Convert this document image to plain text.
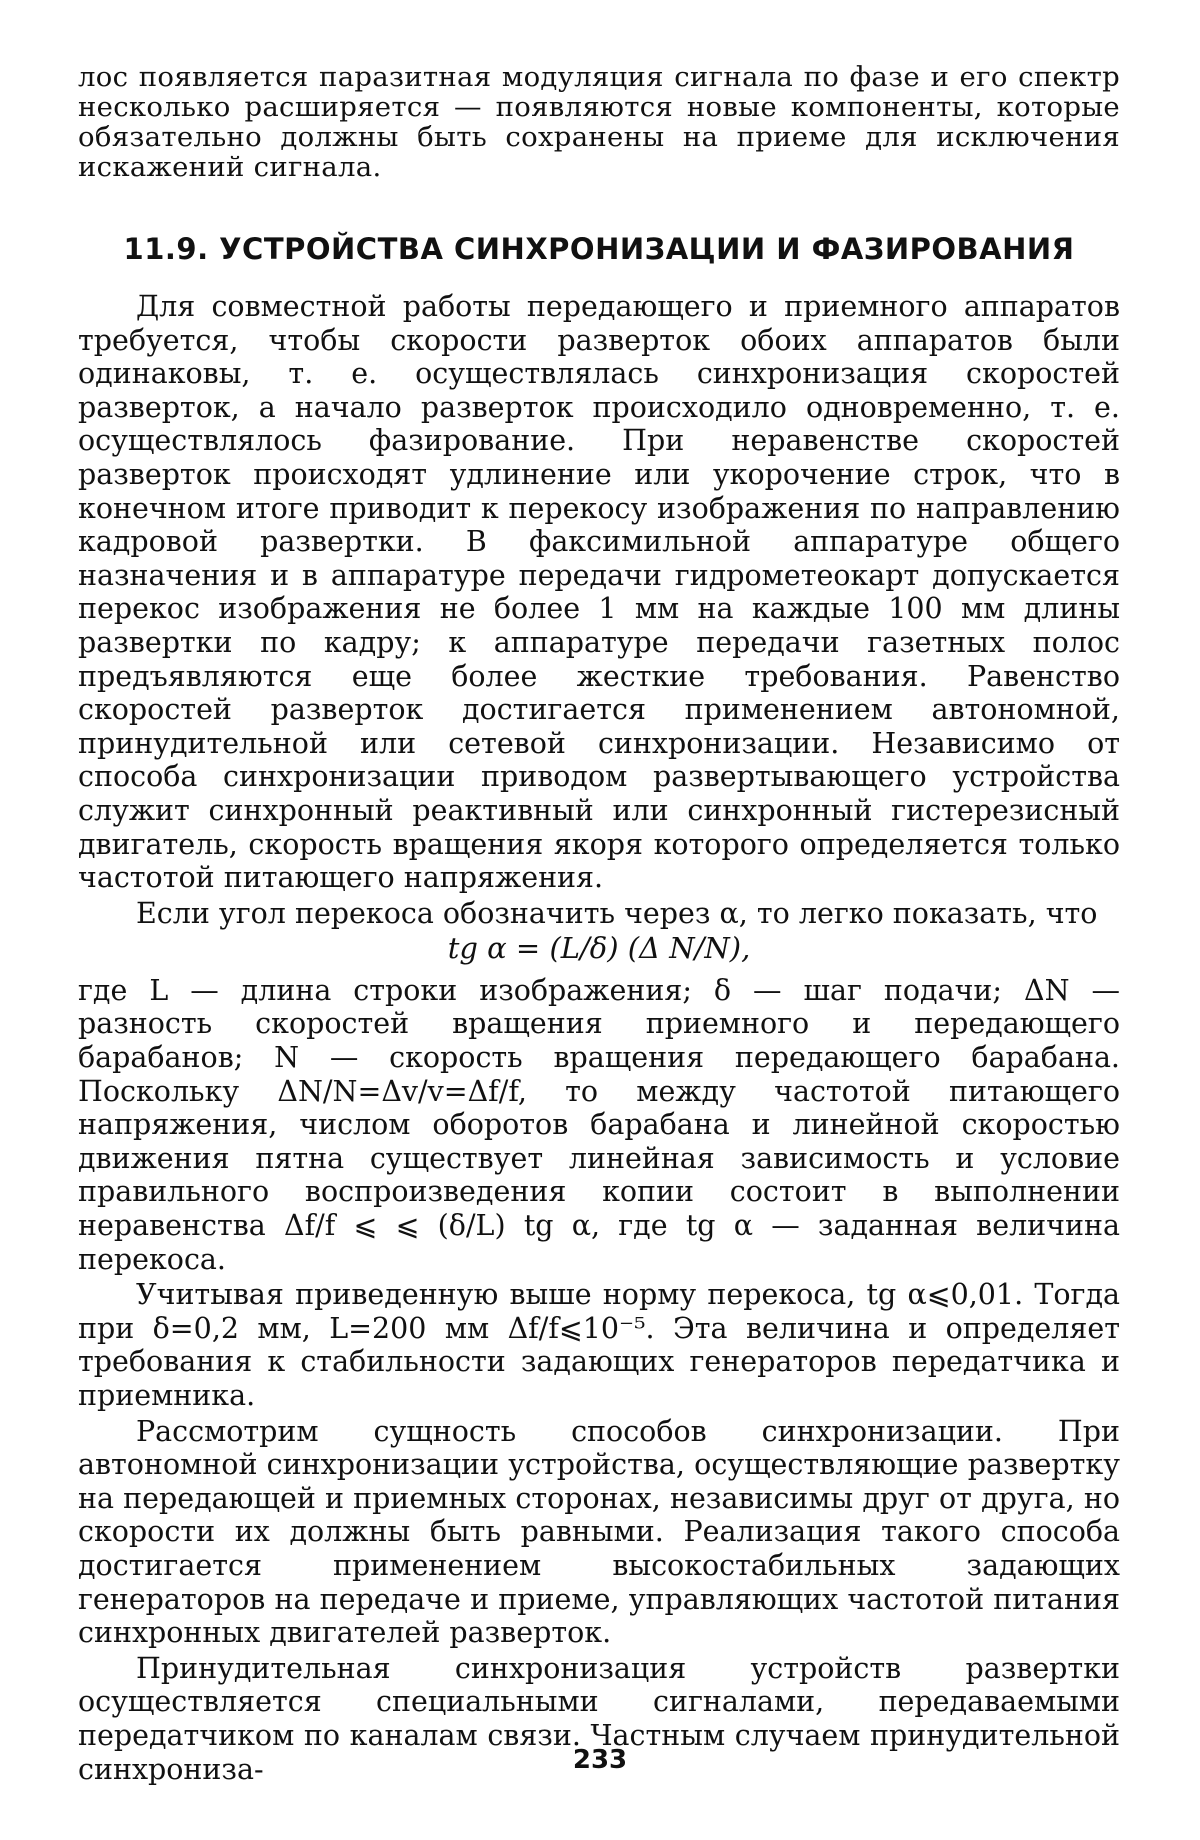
лос появляется паразитная модуляция сигнала по фазе и его спектр несколько расширяется — появляются новые компоненты, которые обязательно должны быть сохранены на приеме для исключения искажений сигнала.

11.9. УСТРОЙСТВА СИНХРОНИЗАЦИИ И ФАЗИРОВАНИЯ

Для совместной работы передающего и приемного аппаратов требуется, чтобы скорости разверток обоих аппаратов были одинаковы, т. е. осуществлялась синхронизация скоростей разверток, а начало разверток происходило одновременно, т. е. осуществлялось фазирование. При неравенстве скоростей разверток происходят удлинение или укорочение строк, что в конечном итоге приводит к перекосу изображения по направлению кадровой развертки. В факсимильной аппаратуре общего назначения и в аппаратуре передачи гидрометеокарт допускается перекос изображения не более 1 мм на каждые 100 мм длины развертки по кадру; к аппаратуре передачи газетных полос предъявляются еще более жесткие требования. Равенство скоростей разверток достигается применением автономной, принудительной или сетевой синхронизации. Независимо от способа синхронизации приводом развертывающего устройства служит синхронный реактивный или синхронный гистерезисный двигатель, скорость вращения якоря которого определяется только частотой питающего напряжения.

Если угол перекоса обозначить через α, то легко показать, что

tg α = (L/δ) (Δ N/N),

где L — длина строки изображения; δ — шаг подачи; ΔN — разность скоростей вращения приемного и передающего барабанов; N — скорость вращения передающего барабана. Поскольку ΔN/N=Δv/v=Δf/f, то между частотой питающего напряжения, числом оборотов барабана и линейной скоростью движения пятна существует линейная зависимость и условие правильного воспроизведения копии состоит в выполнении неравенства Δf/f ⩽ ⩽ (δ/L) tg α, где tg α — заданная величина перекоса.

Учитывая приведенную выше норму перекоса, tg α⩽0,01. Тогда при δ=0,2 мм, L=200 мм Δf/f⩽10⁻⁵. Эта величина и определяет требования к стабильности задающих генераторов передатчика и приемника.

Рассмотрим сущность способов синхронизации. При автономной синхронизации устройства, осуществляющие развертку на передающей и приемных сторонах, независимы друг от друга, но скорости их должны быть равными. Реализация такого способа достигается применением высокостабильных задающих генераторов на передаче и приеме, управляющих частотой питания синхронных двигателей разверток.

Принудительная синхронизация устройств развертки осуществляется специальными сигналами, передаваемыми передатчиком по каналам связи. Частным случаем принудительной синхрониза-	233
